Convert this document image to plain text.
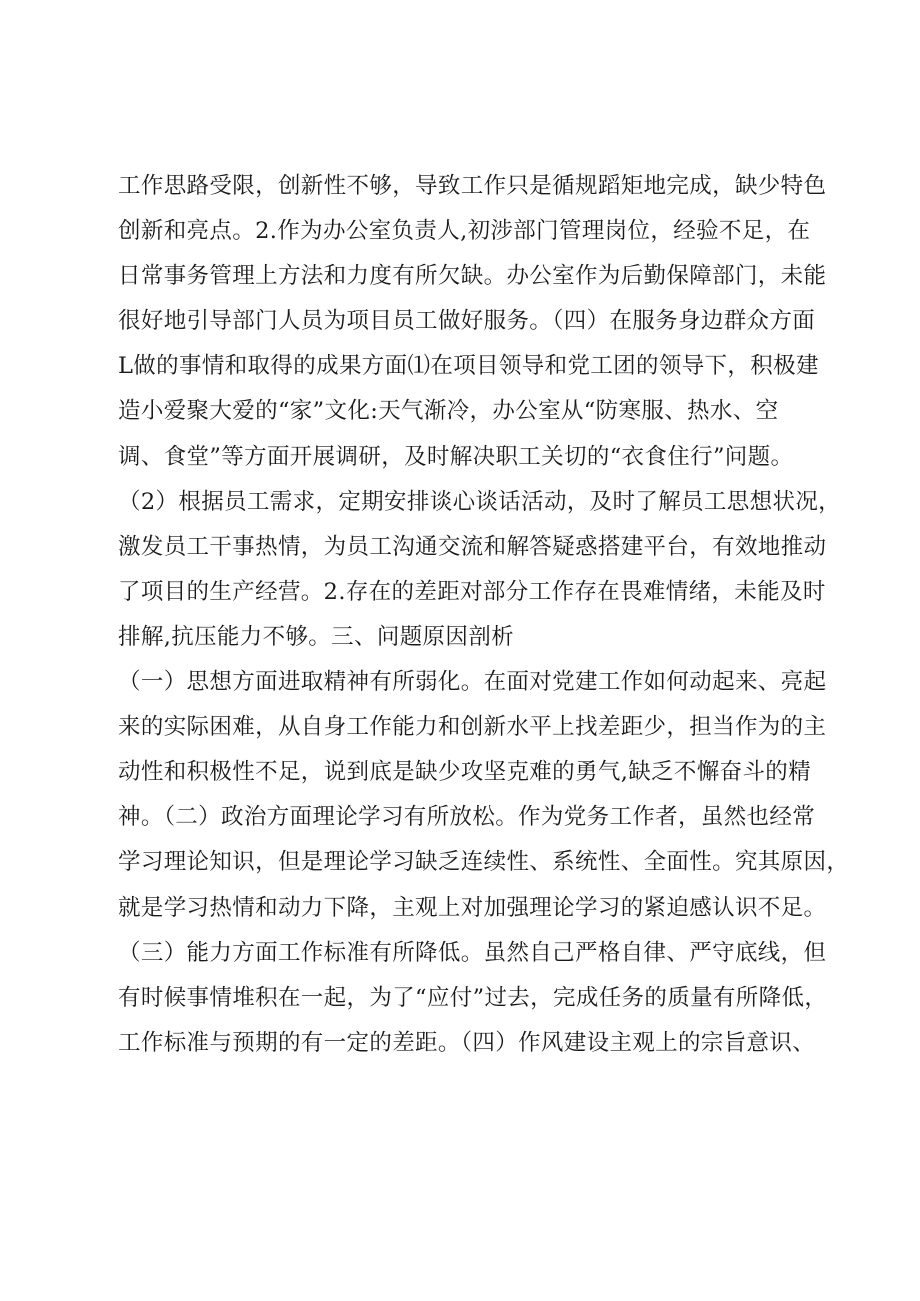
工作思路受限，创新性不够，导致工作只是循规蹈矩地完成，缺少特色
创新和亮点。2.作为办公室负责人,初涉部门管理岗位，经验不足，在
日常事务管理上方法和力度有所欠缺。办公室作为后勤保障部门，未能
很好地引导部门人员为项目员工做好服务。（四）在服务身边群众方面
L做的事情和取得的成果方面⑴在项目领导和党工团的领导下，积极建
造小爱聚大爱的“家”文化:天气渐冷，办公室从“防寒服、热水、空
调、食堂”等方面开展调研，及时解决职工关切的“衣食住行”问题。
（2）根据员工需求，定期安排谈心谈话活动，及时了解员工思想状况，
激发员工干事热情，为员工沟通交流和解答疑惑搭建平台，有效地推动
了项目的生产经营。2.存在的差距对部分工作存在畏难情绪，未能及时
排解,抗压能力不够。三、问题原因剖析
（一）思想方面进取精神有所弱化。在面对党建工作如何动起来、亮起
来的实际困难，从自身工作能力和创新水平上找差距少，担当作为的主
动性和积极性不足，说到底是缺少攻坚克难的勇气,缺乏不懈奋斗的精
神。（二）政治方面理论学习有所放松。作为党务工作者，虽然也经常
学习理论知识，但是理论学习缺乏连续性、系统性、全面性。究其原因，
就是学习热情和动力下降，主观上对加强理论学习的紧迫感认识不足。
（三）能力方面工作标准有所降低。虽然自己严格自律、严守底线，但
有时候事情堆积在一起，为了“应付”过去，完成任务的质量有所降低，
工作标准与预期的有一定的差距。（四）作风建设主观上的宗旨意识、
